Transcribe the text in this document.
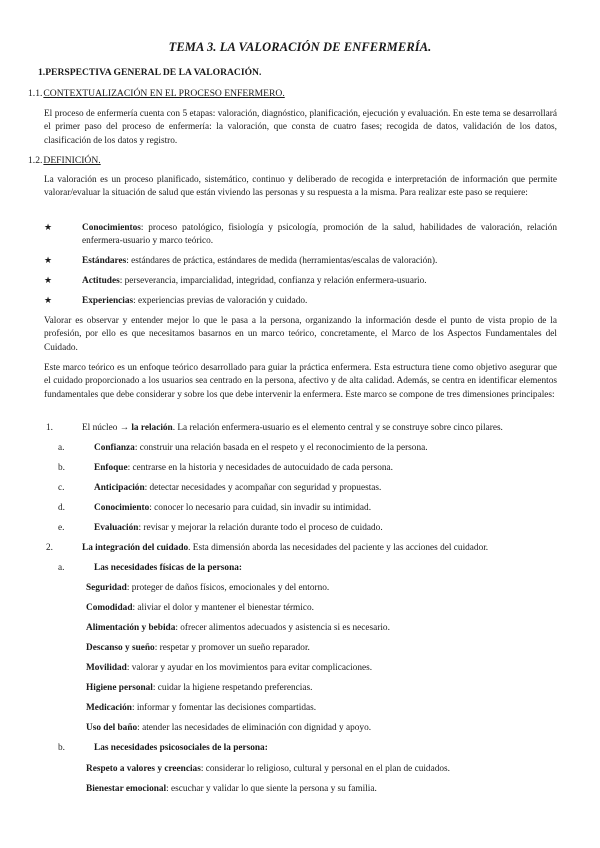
TEMA 3. LA VALORACIÓN DE ENFERMERÍA.
1.PERSPECTIVA GENERAL DE LA VALORACIÓN.
1.1.CONTEXTUALIZACIÓN EN EL PROCESO ENFERMERO.
El proceso de enfermería cuenta con 5 etapas: valoración, diagnóstico, planificación, ejecución y evaluación. En este tema se desarrollará el primer paso del proceso de enfermería: la valoración, que consta de cuatro fases; recogida de datos, validación de los datos, clasificación de los datos y registro.
1.2.DEFINICIÓN.
La valoración es un proceso planificado, sistemático, continuo y deliberado de recogida e interpretación de información que permite valorar/evaluar la situación de salud que están viviendo las personas y su respuesta a la misma. Para realizar este paso se requiere:
★	Conocimientos: proceso patológico, fisiología y psicología, promoción de la salud, habilidades de valoración, relación enfermera-usuario y marco teórico.
★	Estándares: estándares de práctica, estándares de medida (herramientas/escalas de valoración).
★	Actitudes: perseverancia, imparcialidad, integridad, confianza y relación enfermera-usuario.
★	Experiencias: experiencias previas de valoración y cuidado.
Valorar es observar y entender mejor lo que le pasa a la persona, organizando la información desde el punto de vista propio de la profesión, por ello es que necesitamos basarnos en un marco teórico, concretamente, el Marco de los Aspectos Fundamentales del Cuidado.
Este marco teórico es un enfoque teórico desarrollado para guiar la práctica enfermera. Esta estructura tiene como objetivo asegurar que el cuidado proporcionado a los usuarios sea centrado en la persona, afectivo y de alta calidad. Además, se centra en identificar elementos fundamentales que debe considerar y sobre los que debe intervenir la enfermera. Este marco se compone de tres dimensiones principales:
1.	El núcleo → la relación. La relación enfermera-usuario es el elemento central y se construye sobre cinco pilares.
a.	Confianza: construir una relación basada en el respeto y el reconocimiento de la persona.
b.	Enfoque: centrarse en la historia y necesidades de autocuidado de cada persona.
c.	Anticipación: detectar necesidades y acompañar con seguridad y propuestas.
d.	Conocimiento: conocer lo necesario para cuidad, sin invadir su intimidad.
e.	Evaluación: revisar y mejorar la relación durante todo el proceso de cuidado.
2.	La integración del cuidado. Esta dimensión aborda las necesidades del paciente y las acciones del cuidador.
a.	Las necesidades físicas de la persona:
Seguridad: proteger de daños físicos, emocionales y del entorno.
Comodidad: aliviar el dolor y mantener el bienestar térmico.
Alimentación y bebida: ofrecer alimentos adecuados y asistencia si es necesario.
Descanso y sueño: respetar y promover un sueño reparador.
Movilidad: valorar y ayudar en los movimientos para evitar complicaciones.
Higiene personal: cuidar la higiene respetando preferencias.
Medicación: informar y fomentar las decisiones compartidas.
Uso del baño: atender las necesidades de eliminación con dignidad y apoyo.
b.	Las necesidades psicosociales de la persona:
Respeto a valores y creencias: considerar lo religioso, cultural y personal en el plan de cuidados.
Bienestar emocional: escuchar y validar lo que siente la persona y su familia.
